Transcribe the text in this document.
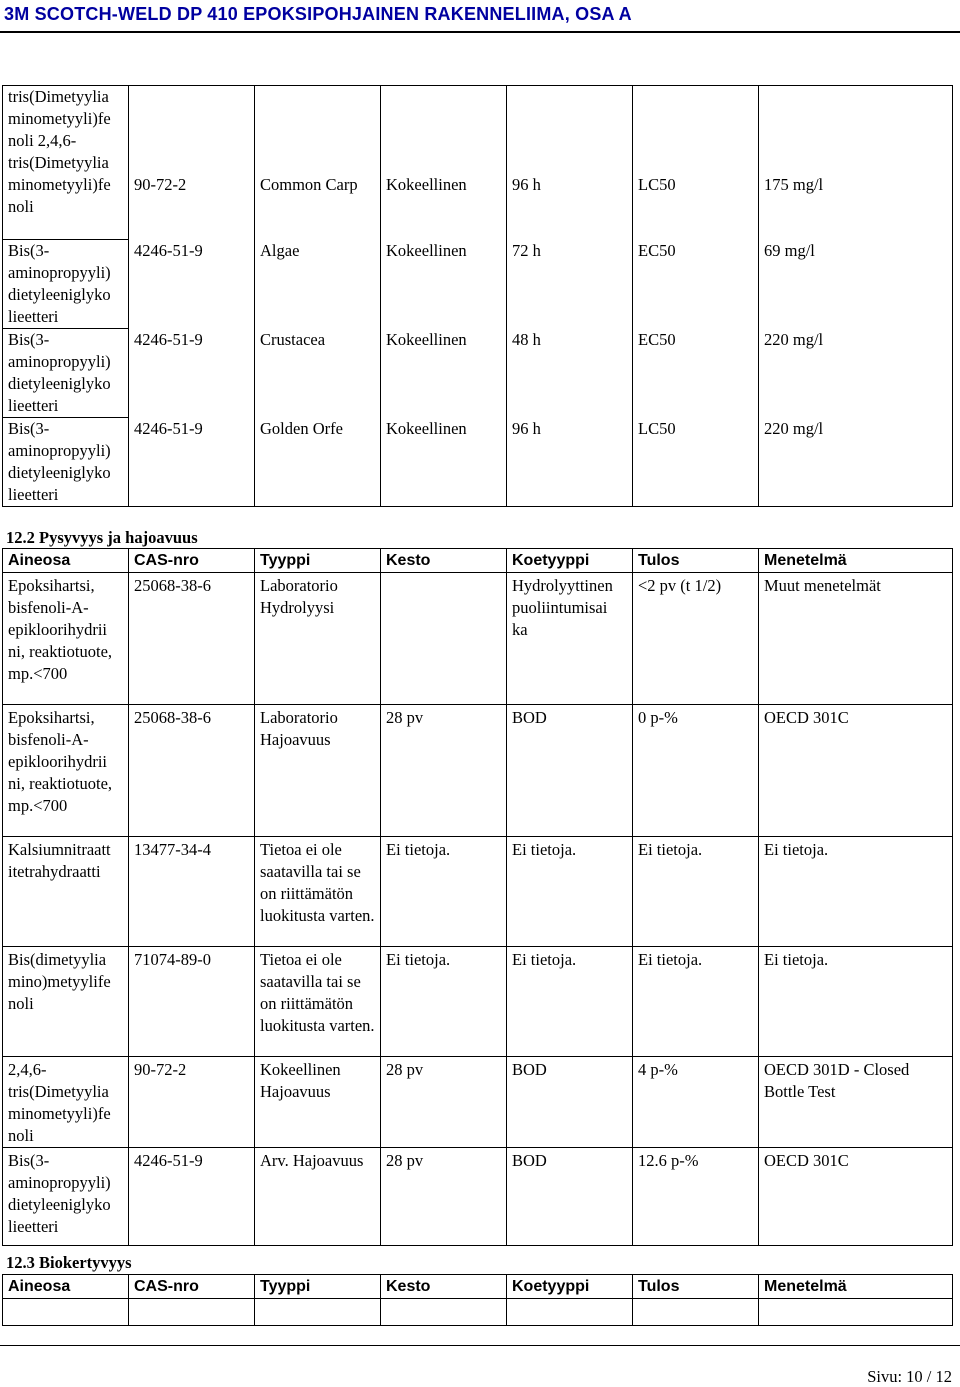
3M SCOTCH-WELD DP 410 EPOKSIPOHJAINEN RAKENNELIIMA, OSA A
tris(Dimetyylia minometyyli)fe noli 2,4,6- tris(Dimetyylia minometyyli)fe noli	90-72-2	Common Carp	Kokeellinen	96 h	LC50	175 mg/l
Bis(3- aminopropyyli) dietyleeniglyko lieetteri	4246-51-9	Algae	Kokeellinen	72 h	EC50	69 mg/l
Bis(3- aminopropyyli) dietyleeniglyko lieetteri	4246-51-9	Crustacea	Kokeellinen	48 h	EC50	220 mg/l
Bis(3- aminopropyyli) dietyleeniglyko lieetteri	4246-51-9	Golden Orfe	Kokeellinen	96 h	LC50	220 mg/l
12.2 Pysyvyys ja hajoavuus
Aineosa	CAS-nro	Tyyppi	Kesto	Koetyyppi	Tulos	Menetelmä
Epoksihartsi, bisfenoli-A- epikloorihydrii ni, reaktiotuote, mp.<700	25068-38-6	Laboratorio Hydrolyysi		Hydrolyyttinen puoliintumisai ka	<2 pv (t 1/2)	Muut menetelmät
Epoksihartsi, bisfenoli-A- epikloorihydrii ni, reaktiotuote, mp.<700	25068-38-6	Laboratorio Hajoavuus	28 pv	BOD	0 p-%	OECD 301C
Kalsiumnitraatt itetrahydraatti	13477-34-4	Tietoa ei ole saatavilla tai se on riittämätön luokitusta varten.	Ei tietoja.	Ei tietoja.	Ei tietoja.	Ei tietoja.
Bis(dimetyylia mino)metyylife noli	71074-89-0	Tietoa ei ole saatavilla tai se on riittämätön luokitusta varten.	Ei tietoja.	Ei tietoja.	Ei tietoja.	Ei tietoja.
2,4,6- tris(Dimetyylia minometyyli)fe noli	90-72-2	Kokeellinen Hajoavuus	28 pv	BOD	4 p-%	OECD 301D - Closed Bottle Test
Bis(3- aminopropyyli) dietyleeniglyko lieetteri	4246-51-9	Arv. Hajoavuus	28 pv	BOD	12.6 p-%	OECD 301C
12.3 Biokertyvyys
Aineosa	CAS-nro	Tyyppi	Kesto	Koetyyppi	Tulos	Menetelmä

Sivu: 10 / 12
